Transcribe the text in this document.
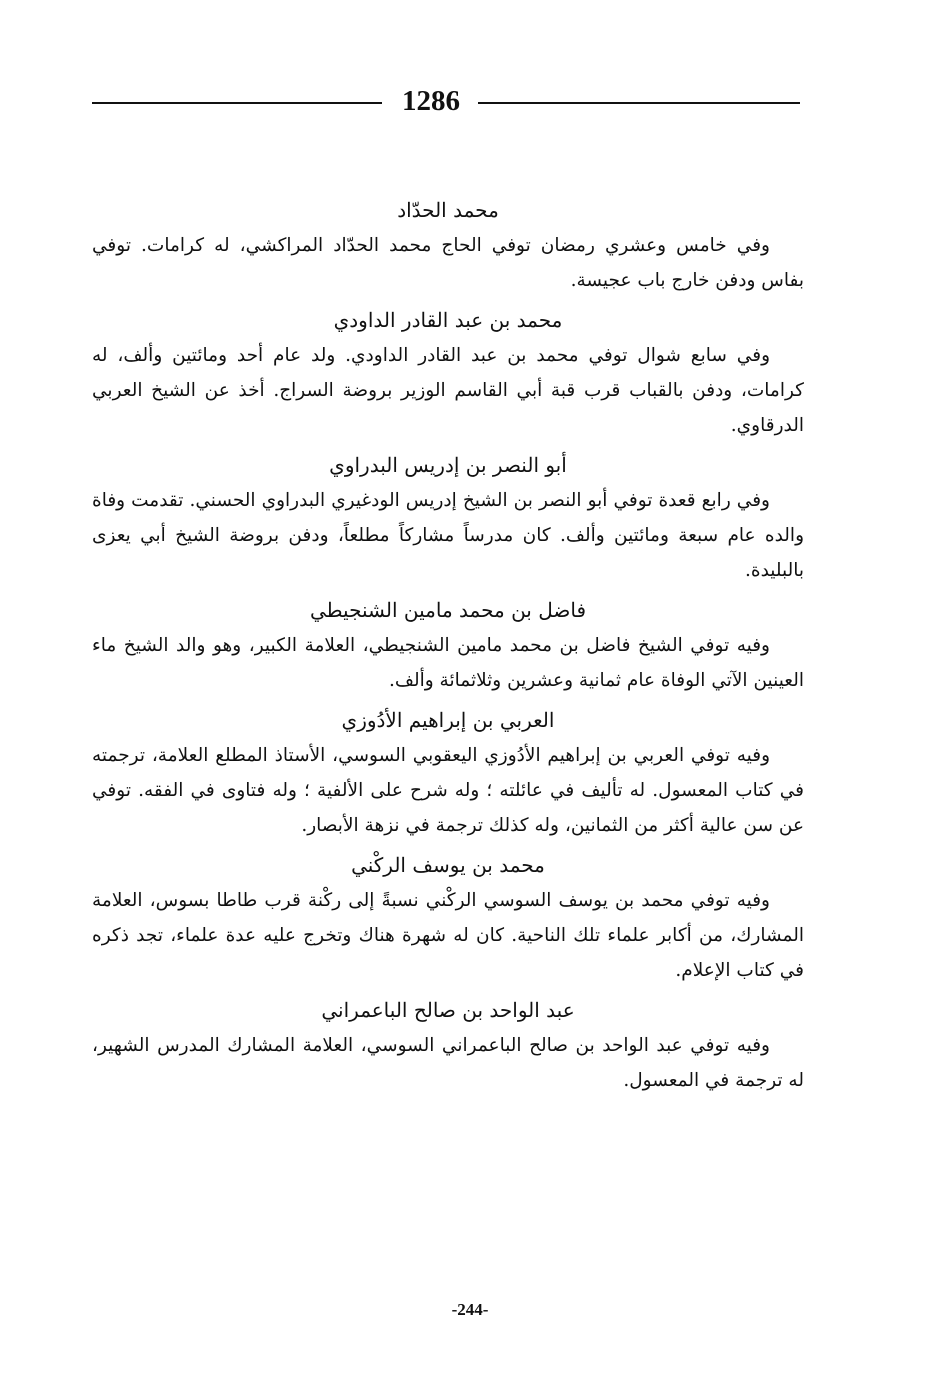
1286
محمد الحدّاد

وفي خامس وعشري رمضان توفي الحاج محمد الحدّاد المراكشي، له كرامات. توفي بفاس ودفن خارج باب عجيسة.

محمد بن عبد القادر الداودي

وفي سابع شوال توفي محمد بن عبد القادر الداودي. ولد عام أحد ومائتين وألف، له كرامات، ودفن بالقباب قرب قبة أبي القاسم الوزير بروضة السراج. أخذ عن الشيخ العربي الدرقاوي.

أبو النصر بن إدريس البدراوي

وفي رابع قعدة توفي أبو النصر بن الشيخ إدريس الودغيري البدراوي الحسني. تقدمت وفاة والده عام سبعة ومائتين وألف. كان مدرساً مشاركاً مطلعاً، ودفن بروضة الشيخ أبي يعزى بالبليدة.

فاضل بن محمد مامين الشنجيطي

وفيه توفي الشيخ فاضل بن محمد مامين الشنجيطي، العلامة الكبير، وهو والد الشيخ ماء العينين الآتي الوفاة عام ثمانية وعشرين وثلاثمائة وألف.

العربي بن إبراهيم الأدُوزي

وفيه توفي العربي بن إبراهيم الأدُوزي اليعقوبي السوسي، الأستاذ المطلع العلامة، ترجمته في كتاب المعسول. له تأليف في عائلته ؛ وله شرح على الألفية ؛ وله فتاوى في الفقه. توفي عن سن عالية أكثر من الثمانين، وله كذلك ترجمة في نزهة الأبصار.

محمد بن يوسف الركْني

وفيه توفي محمد بن يوسف السوسي الركْني نسبةً إلى ركْنة قرب طاطا بسوس، العلامة المشارك، من أكابر علماء تلك الناحية. كان له شهرة هناك وتخرج عليه عدة علماء، تجد ذكره في كتاب الإعلام.

عبد الواحد بن صالح الباعمراني

وفيه توفي عبد الواحد بن صالح الباعمراني السوسي، العلامة المشارك المدرس الشهير، له ترجمة في المعسول.

-244-
